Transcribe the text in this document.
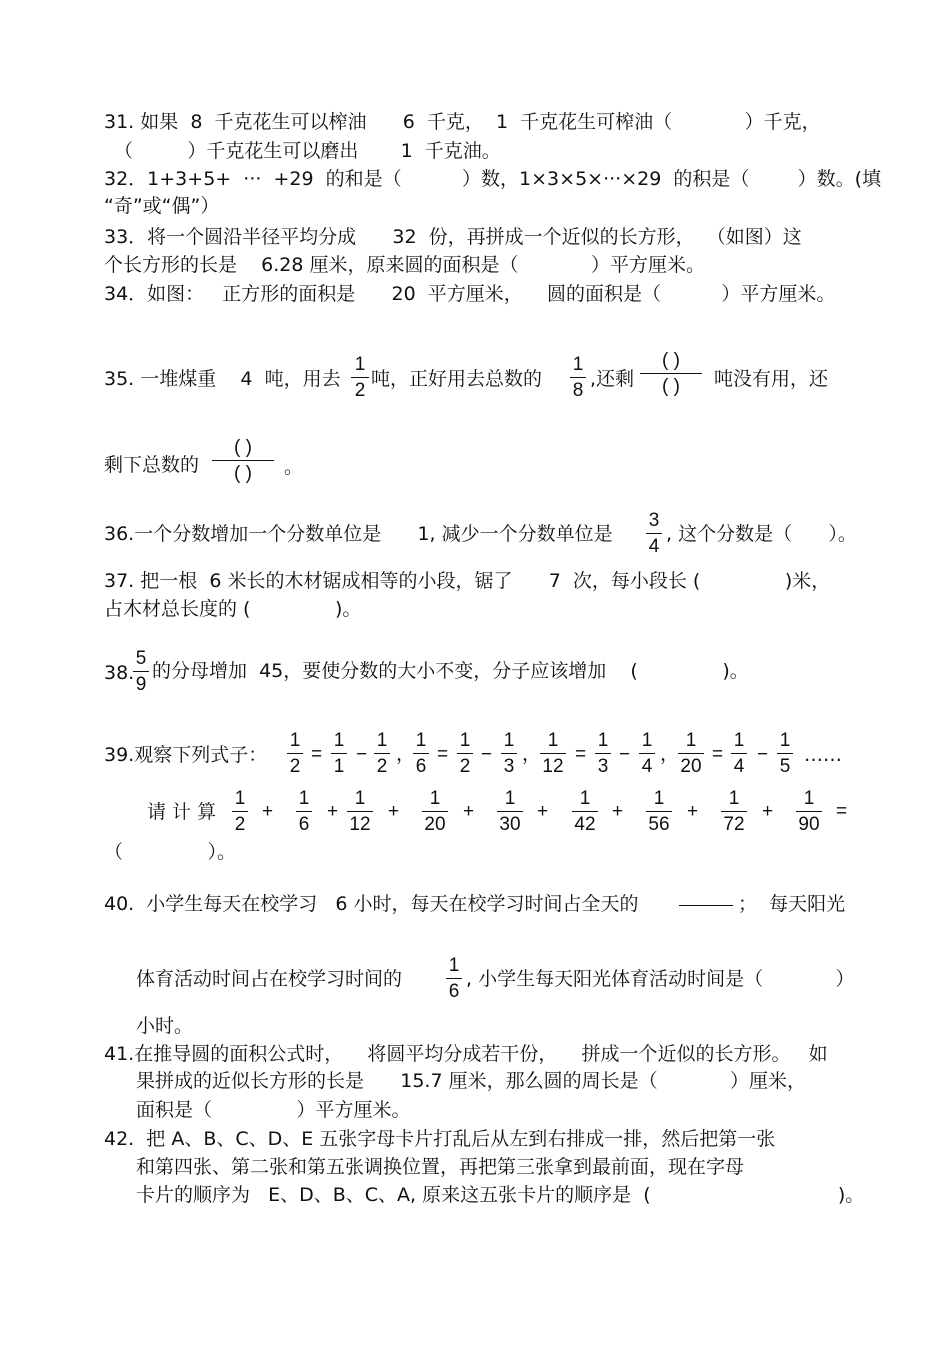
31. 如果  8  千克花生可以榨油      6  千克，  1  千克花生可榨油（            ）千克，
（         ）千克花生可以磨出       1  千克油。
32．1+3+5+  ···  +29  的和是（          ）数，1×3×5×···×29  的积是（        ）数。(填
“奇”或“偶”）
33．将一个圆沿半径平均分成      32  份，再拼成一个近似的长方形，  （如图）这
个长方形的长是    6.28 厘米，原来圆的面积是（            ）平方厘米。
34．如图：   正方形的面积是      20  平方厘米，    圆的面积是（          ）平方厘米。
35. 一堆煤重    4  吨，用去
1
2
吨，正好用去总数的
1
8
,还剩
( )
( ) 吨没有用，还
剩下总数的
( )
( ) 。
36.一个分数增加一个分数单位是      1, 减少一个分数单位是
3
4
, 这个分数是（      ）。
37. 把一根  6 米长的木材锯成相等的小段，锯了      7  次，每小段长 (              )米，
占木材总长度的 (              )。
38.
5
9
的分母增加  45，要使分数的大小不变，分子应该增加    (              )。
39.观察下列式子：
1
2
=
1
1
−
1
2
，
1
6
=
1
2
−
1
3
，
1
12
=
1
3
−
1
4
，
1
20
=
1
4
−
1
5
……
请 计 算
1
2
+
1
6
+
1
12
+
1
20
+
1
30
+
1
42
+
1
56
+
1
72
+
1
90
=
（              ）。
40.  小学生每天在校学习   6 小时，每天在校学习时间占全天的	；  每天阳光
体育活动时间占在校学习时间的
1
6
, 小学生每天阳光体育活动时间是（            ）
小时。
41.在推导圆的面积公式时，    将圆平均分成若干份，    拼成一个近似的长方形。   如
果拼成的近似长方形的长是      15.7 厘米，那么圆的周长是（            ）厘米，
面积是（              ）平方厘米。
42.  把 A、B、C、D、E 五张字母卡片打乱后从左到右排成一排，然后把第一张
和第四张、第二张和第五张调换位置，再把第三张拿到最前面，现在字母
卡片的顺序为   E、D、B、C、A, 原来这五张卡片的顺序是  (                               )。
